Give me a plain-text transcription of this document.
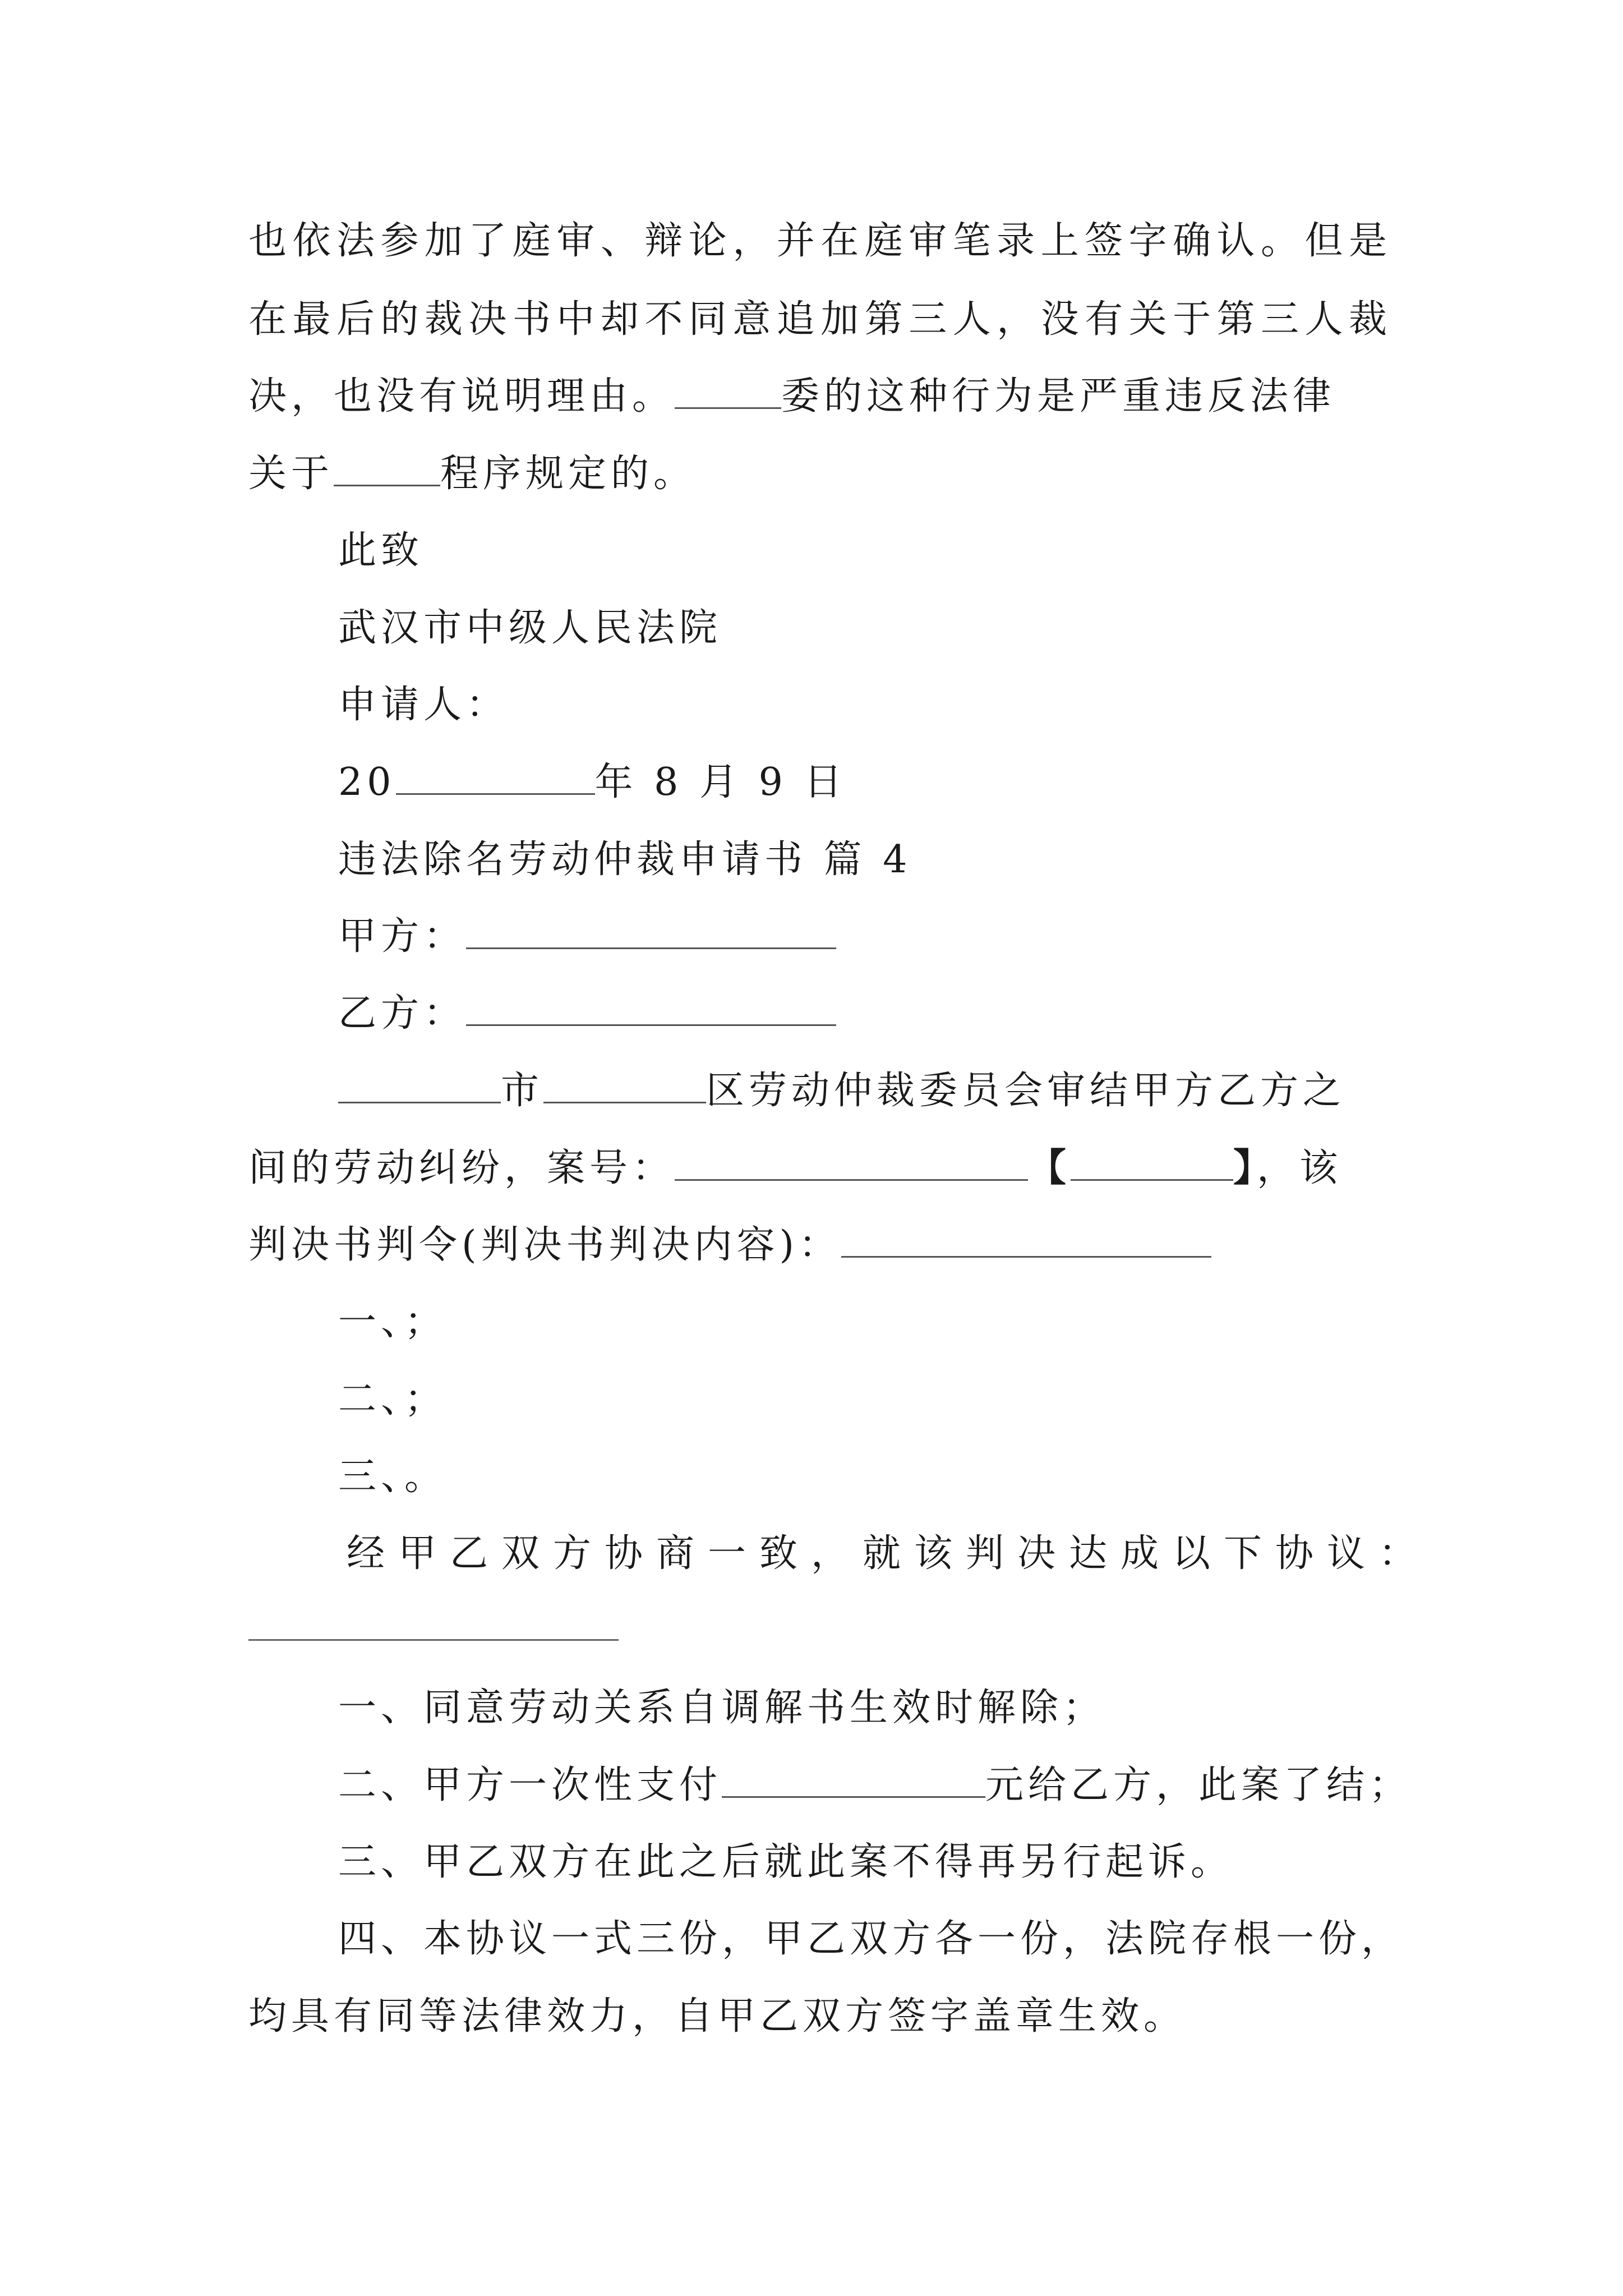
也依法参加了庭审、辩论，并在庭审笔录上签字确认。但是
在最后的裁决书中却不同意追加第三人，没有关于第三人裁
决，也没有说明理由。	委的这种行为是严重违反法律
关于	程序规定的。
此致
武汉市中级人民法院
申请人：
20	年 8 月 9 日
违法除名劳动仲裁申请书 篇 4
甲方：
乙方：
市	区劳动仲裁委员会审结甲方乙方之
间的劳动纠纷，案号：	【	】，该
判决书判令(判决书判决内容)：
一、；
二、；
三、。
经甲乙双方协商一致，就该判决达成以下协议：
一、同意劳动关系自调解书生效时解除；
二、甲方一次性支付	元给乙方，此案了结；
三、甲乙双方在此之后就此案不得再另行起诉。
四、本协议一式三份，甲乙双方各一份，法院存根一份，
均具有同等法律效力，自甲乙双方签字盖章生效。
